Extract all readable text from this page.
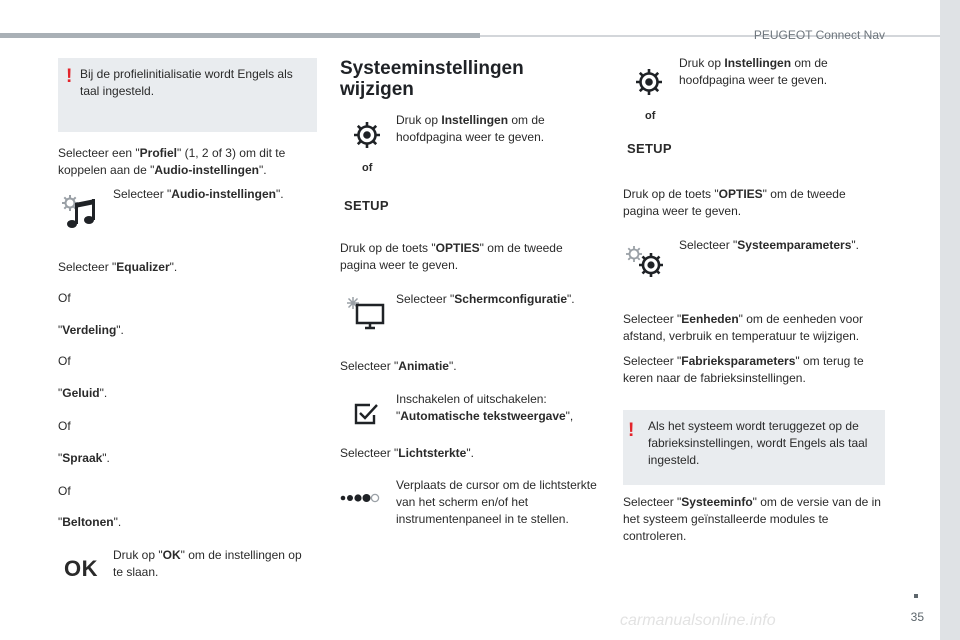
PEUGEOT Connect Nav
! Bij de profielinitialisatie wordt Engels als taal ingesteld.
Selecteer een "Profiel" (1, 2 of 3) om dit te koppelen aan de "Audio-instellingen".
Selecteer "Audio-instellingen".
Selecteer "Equalizer".
Of
"Verdeling".
Of
"Geluid".
Of
"Spraak".
Of
"Beltonen".
OK
Druk op "OK" om de instellingen op te slaan.
Systeeminstellingen wijzigen
Druk op Instellingen om de hoofdpagina weer te geven.
of
SETUP
Druk op de toets "OPTIES" om de tweede pagina weer te geven.
Selecteer "Schermconfiguratie".
Selecteer "Animatie".
Inschakelen of uitschakelen: "Automatische tekstweergave",
Selecteer "Lichtsterkte".
Verplaats de cursor om de lichtsterkte van het scherm en/of het instrumentenpaneel in te stellen.
Druk op Instellingen om de hoofdpagina weer te geven.
of
SETUP
Druk op de toets "OPTIES" om de tweede pagina weer te geven.
Selecteer "Systeemparameters".
Selecteer "Eenheden" om de eenheden voor afstand, verbruik en temperatuur te wijzigen.
Selecteer "Fabrieksparameters" om terug te keren naar de fabrieksinstellingen.
! Als het systeem wordt teruggezet op de fabrieksinstellingen, wordt Engels als taal ingesteld.
Selecteer "Systeeminfo" om de versie van de in het systeem geïnstalleerde modules te controleren.
35
carmanualsonline.info
